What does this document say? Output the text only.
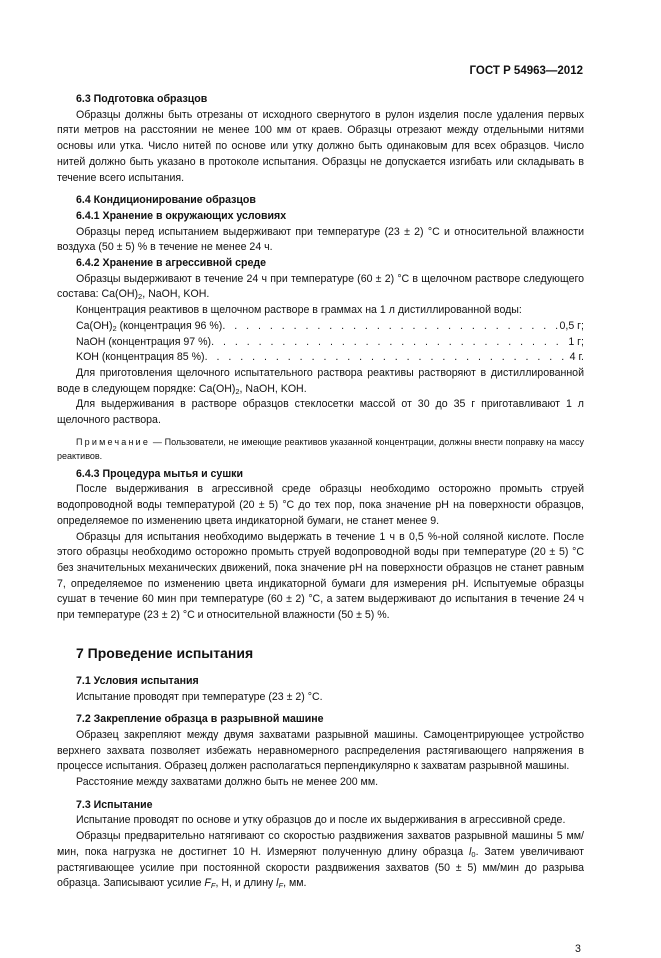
ГОСТ Р 54963—2012
6.3 Подготовка образцов

Образцы должны быть отрезаны от исходного свернутого в рулон изделия после удаления первых пяти метров на расстоянии не менее 100 мм от краев. Образцы отрезают между отдельными нитями основы или утка. Число нитей по основе или утку должно быть одинаковым для всех образцов. Число нитей должно быть указано в протоколе испытания. Образцы не допускается изгибать или складывать в течение всего испытания.

6.4 Кондиционирование образцов
6.4.1 Хранение в окружающих условиях

Образцы перед испытанием выдерживают при температуре (23 ± 2) °С и относительной влажности воздуха (50 ± 5) % в течение не менее 24 ч.

6.4.2 Хранение в агрессивной среде

Образцы выдерживают в течение 24 ч при температуре (60 ± 2) °С в щелочном растворе следующего состава: $Ca(OH)_2$, NaOH, KOH.

Концентрация реактивов в щелочном растворе в граммах на 1 л дистиллированной воды:

$Ca(OH)_2$ (концентрация 96 %) . . .	0,5 г;
NaOH (концентрация 97 %) . . .	1 г;
KOH (концентрация 85 %) . . .	4 г.

Для приготовления щелочного испытательного раствора реактивы растворяют в дистиллированной воде в следующем порядке: $Ca(OH)_2$, NaOH, KOH.

Для выдерживания в растворе образцов стеклосетки массой от 30 до 35 г приготавливают 1 л щелочного раствора.

Примечание — Пользователи, не имеющие реактивов указанной концентрации, должны внести поправку на массу реактивов.
6.4.3 Процедура мытья и сушки

После выдерживания в агрессивной среде образцы необходимо осторожно промыть струей водопроводной воды температурой (20 ± 5) °С до тех пор, пока значение pH на поверхности образцов, определяемое по изменению цвета индикаторной бумаги, не станет менее 9.

Образцы для испытания необходимо выдержать в течение 1 ч в 0,5 %-ной соляной кислоте. После этого образцы необходимо осторожно промыть струей водопроводной воды при температуре (20 ± 5) °С без значительных механических движений, пока значение pH на поверхности образцов не станет равным 7, определяемое по изменению цвета индикаторной бумаги для измерения pH. Испытуемые образцы сушат в течение 60 мин при температуре (60 ± 2) °С, а затем выдерживают до испытания в течение 24 ч при температуре (23 ± 2) °С и относительной влажности (50 ± 5) %.

7 Проведение испытания
7.1 Условия испытания

Испытание проводят при температуре (23 ± 2) °С.

7.2 Закрепление образца в разрывной машине

Образец закрепляют между двумя захватами разрывной машины. Самоцентрирующее устройство верхнего захвата позволяет избежать неравномерного распределения растягивающего напряжения в процессе испытания. Образец должен располагаться перпендикулярно к захватам разрывной машины.

Расстояние между захватами должно быть не менее 200 мм.

7.3 Испытание

Испытание проводят по основе и утку образцов до и после их выдерживания в агрессивной среде.

Образцы предварительно натягивают со скоростью раздвижения захватов разрывной машины 5 мм/мин, пока нагрузка не достигнет 10 Н. Измеряют полученную длину образца $l_0$. Затем увеличивают растягивающее усилие при постоянной скорости раздвижения захватов (50 ± 5) мм/мин до разрыва образца. Записывают усилие $F_F$, Н, и длину $l_F$, мм.

3
